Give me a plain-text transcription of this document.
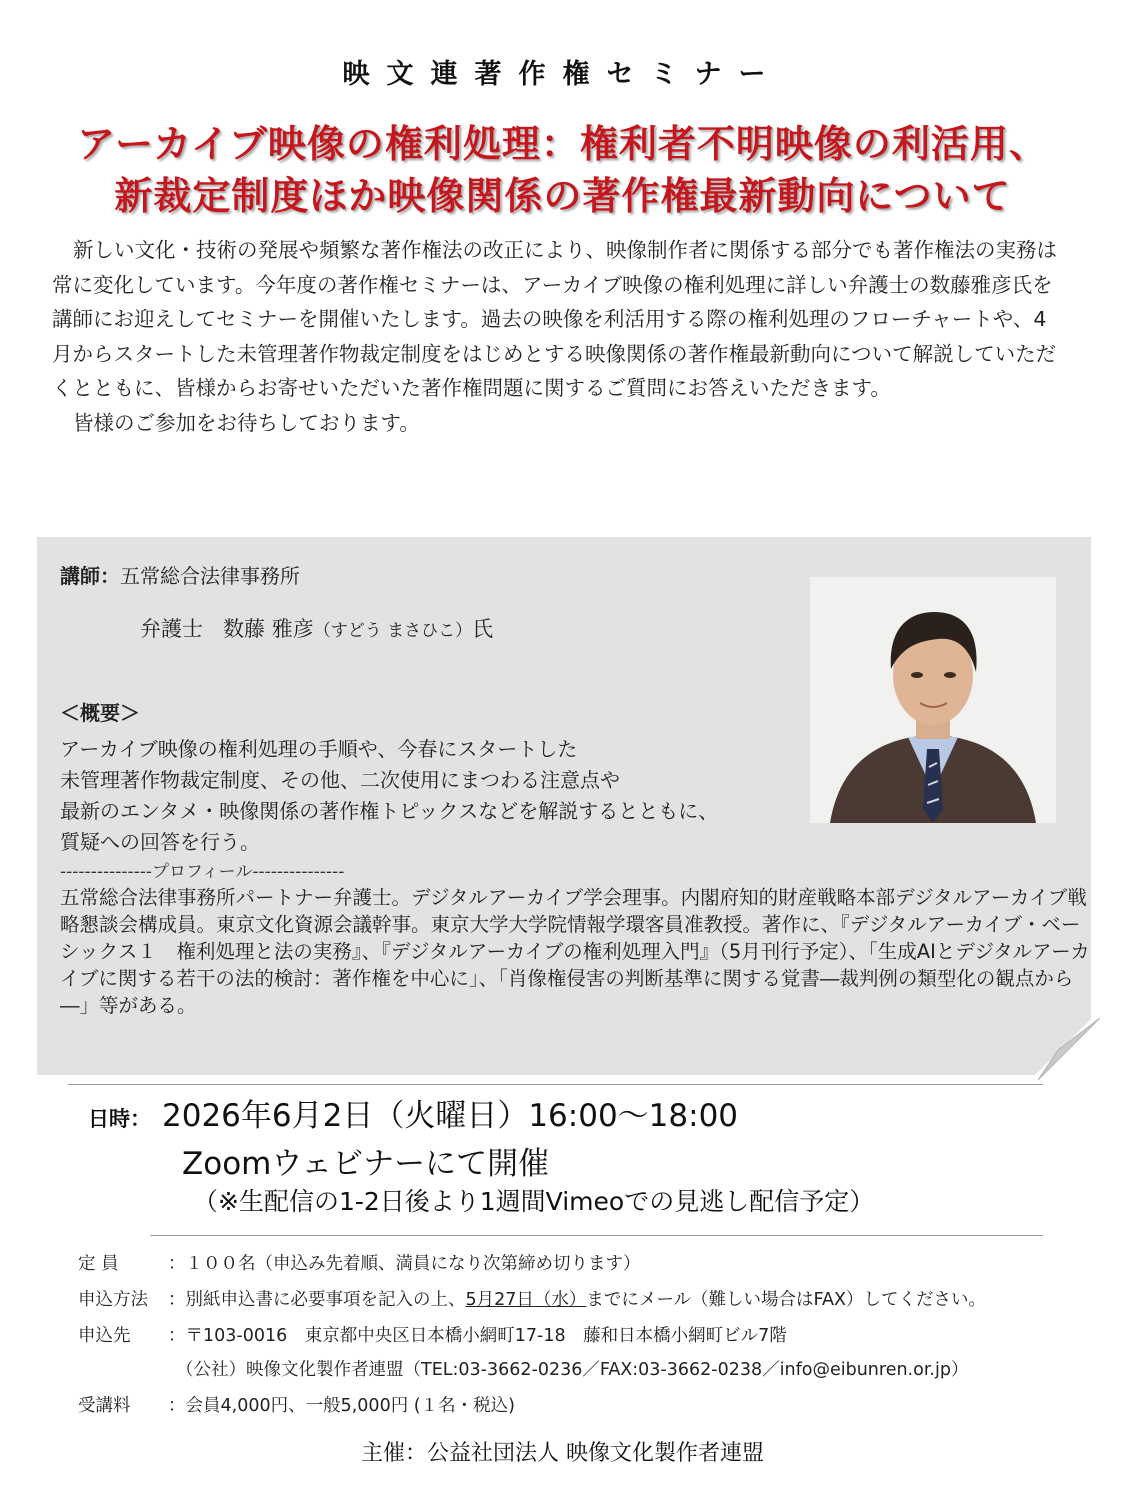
映文連著作権セミナー
アーカイブ映像の権利処理：権利者不明映像の利活用、
新裁定制度ほか映像関係の著作権最新動向について

新しい文化・技術の発展や頻繁な著作権法の改正により、映像制作者に関係する部分でも著作権法の実務は常に変化しています。今年度の著作権セミナーは、アーカイブ映像の権利処理に詳しい弁護士の数藤雅彦氏を講師にお迎えしてセミナーを開催いたします。過去の映像を利活用する際の権利処理のフローチャートや、4月からスタートした未管理著作物裁定制度をはじめとする映像関係の著作権最新動向について解説していただくとともに、皆様からお寄せいただいた著作権問題に関するご質問にお答えいただきます。

皆様のご参加をお待ちしております。

講師：五常総合法律事務所
弁護士 数藤 雅彦（すどう まさひこ）氏
＜概要＞
アーカイブ映像の権利処理の手順や、今春にスタートした
未管理著作物裁定制度、その他、二次使用にまつわる注意点や
最新のエンタメ・映像関係の著作権トピックスなどを解説するとともに、
質疑への回答を行う。
---------------プロフィール---------------
五常総合法律事務所パートナー弁護士。デジタルアーカイブ学会理事。内閣府知的財産戦略本部デジタルアーカイブ戦略懇談会構成員。東京文化資源会議幹事。東京大学大学院情報学環客員准教授。著作に、『デジタルアーカイブ・ベーシックス１　権利処理と法の実務』、『デジタルアーカイブの権利処理入門』（5月刊行予定）、「生成AIとデジタルアーカイブに関する若干の法的検討：著作権を中心に」、「肖像権侵害の判断基準に関する覚書―裁判例の類型化の観点から―」等がある。
日時： 2026年6月2日（火曜日）16:00～18:00
Zoomウェビナーにて開催
（※生配信の1‐2日後より1週間Vimeoでの見逃し配信予定）
定 員	：１００名（申込み先着順、満員になり次第締め切ります）
申込方法 ：別紙申込書に必要事項を記入の上、5月27日（水）までにメール（難しい場合はFAX）してください。
申込先 ：〒103-0016　東京都中央区日本橋小網町17-18　藤和日本橋小網町ビル7階
（公社）映像文化製作者連盟（TEL:03-3662-0236／FAX:03-3662-0238／info@eibunren.or.jp）
受講料 ：会員4,000円、一般5,000円 (１名・税込)
主催：公益社団法人 映像文化製作者連盟
